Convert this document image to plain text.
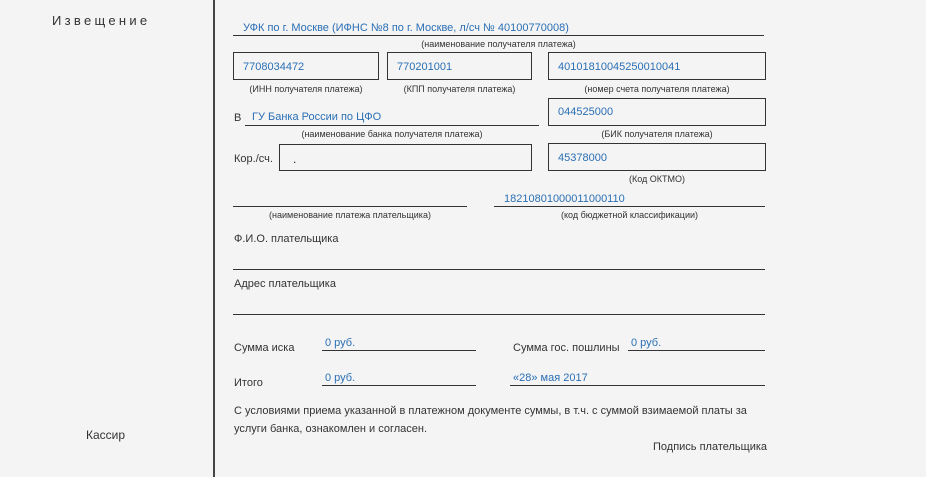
Извещение
Кассир
УФК по г. Москве (ИФНС №8 по г. Москве, л/сч № 40100770008)
(наименование получателя платежа)
7708034472
(ИНН получателя платежа)
770201001
(КПП получателя платежа)
40101810045250010041
(номер счета получателя платежа)
В ГУ Банка России по ЦФО
(наименование банка получателя платежа)
044525000
(БИК получателя платежа)
Кор./сч. .	45378000
(Код ОКТМО)
(наименование платежа плательщика)
18210801000011000110
(код бюджетной классификации)
Ф.И.О. плательщика
Адрес плательщика
Сумма иска	0 руб.	Сумма гос. пошлины 0 руб.
Итого	0 руб.	«28» мая 2017
С условиями приема указанной в платежном документе суммы, в т.ч. с суммой взимаемой платы за
услуги банка, ознакомлен и согласен.
Подпись плательщика
